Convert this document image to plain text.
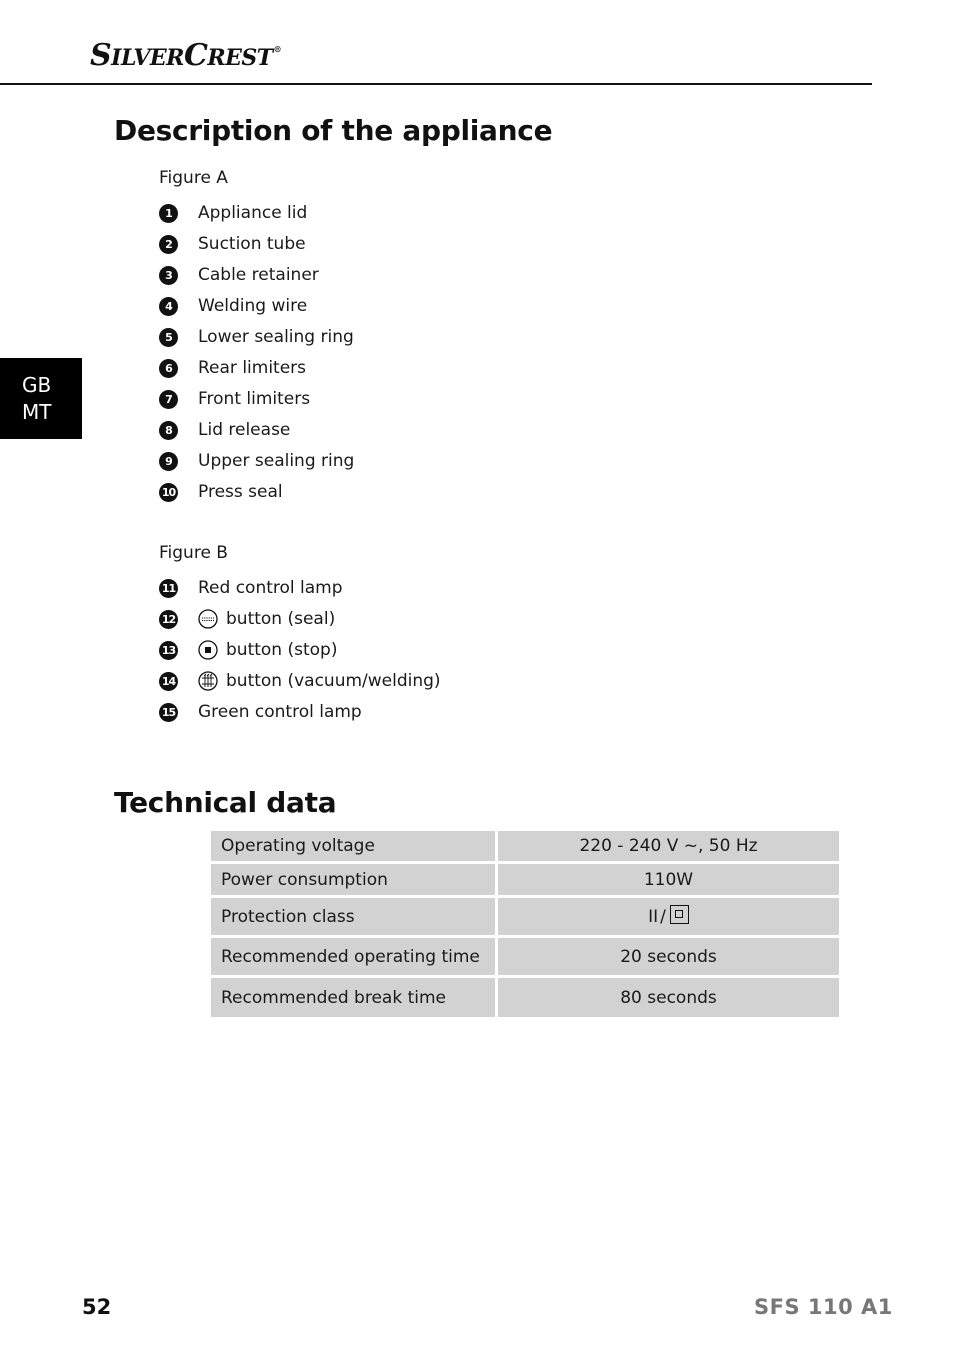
SILVERCREST®
Description of the appliance
GB
MT
Figure A
1	Appliance lid
2	Suction tube
3	Cable retainer
4	Welding wire
5	Lower sealing ring
6	Rear limiters
7	Front limiters
8	Lid release
9	Upper sealing ring
10 Press seal
Figure B
11 Red control lamp
12	button (seal)
13	button (stop)
14	button (vacuum/welding)
15 Green control lamp
Technical data
Operating voltage	220 - 240 V ~, 50 Hz
Power consumption	110W
Protection class	II /
Recommended operating time	20 seconds
Recommended break time	80 seconds
52	SFS 110 A1
